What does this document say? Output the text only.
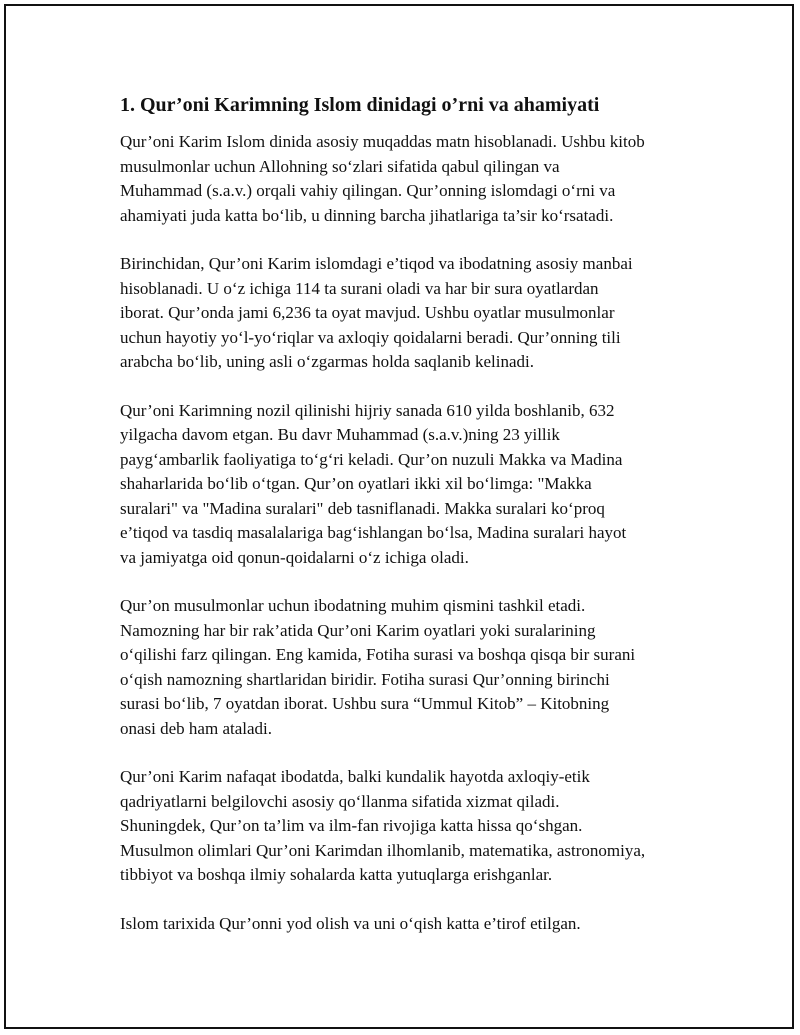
1. Qur’oni Karimning Islom dinidagi o’rni va ahamiyati

Qur’oni Karim Islom dinida asosiy muqaddas matn hisoblanadi. Ushbu kitob
musulmonlar uchun Allohning so‘zlari sifatida qabul qilingan va
Muhammad (s.a.v.) orqali vahiy qilingan. Qur’onning islomdagi o‘rni va
ahamiyati juda katta bo‘lib, u dinning barcha jihatlariga ta’sir ko‘rsatadi.

Birinchidan, Qur’oni Karim islomdagi e’tiqod va ibodatning asosiy manbai
hisoblanadi. U o‘z ichiga 114 ta surani oladi va har bir sura oyatlardan
iborat. Qur’onda jami 6,236 ta oyat mavjud. Ushbu oyatlar musulmonlar
uchun hayotiy yo‘l-yo‘riqlar va axloqiy qoidalarni beradi. Qur’onning tili
arabcha bo‘lib, uning asli o‘zgarmas holda saqlanib kelinadi.

Qur’oni Karimning nozil qilinishi hijriy sanada 610 yilda boshlanib, 632
yilgacha davom etgan. Bu davr Muhammad (s.a.v.)ning 23 yillik
payg‘ambarlik faoliyatiga to‘g‘ri keladi. Qur’on nuzuli Makka va Madina
shaharlarida bo‘lib o‘tgan. Qur’on oyatlari ikki xil bo‘limga: "Makka
suralari" va "Madina suralari" deb tasniflanadi. Makka suralari ko‘proq
e’tiqod va tasdiq masalalariga bag‘ishlangan bo‘lsa, Madina suralari hayot
va jamiyatga oid qonun-qoidalarni o‘z ichiga oladi.

Qur’on musulmonlar uchun ibodatning muhim qismini tashkil etadi.
Namozning har bir rak’atida Qur’oni Karim oyatlari yoki suralarining
o‘qilishi farz qilingan. Eng kamida, Fotiha surasi va boshqa qisqa bir surani
o‘qish namozning shartlaridan biridir. Fotiha surasi Qur’onning birinchi
surasi bo‘lib, 7 oyatdan iborat. Ushbu sura “Ummul Kitob” – Kitobning
onasi deb ham ataladi.

Qur’oni Karim nafaqat ibodatda, balki kundalik hayotda axloqiy-etik
qadriyatlarni belgilovchi asosiy qo‘llanma sifatida xizmat qiladi.
Shuningdek, Qur’on ta’lim va ilm-fan rivojiga katta hissa qo‘shgan.
Musulmon olimlari Qur’oni Karimdan ilhomlanib, matematika, astronomiya,
tibbiyot va boshqa ilmiy sohalarda katta yutuqlarga erishganlar.

Islom tarixida Qur’onni yod olish va uni o‘qish katta e’tirof etilgan.
